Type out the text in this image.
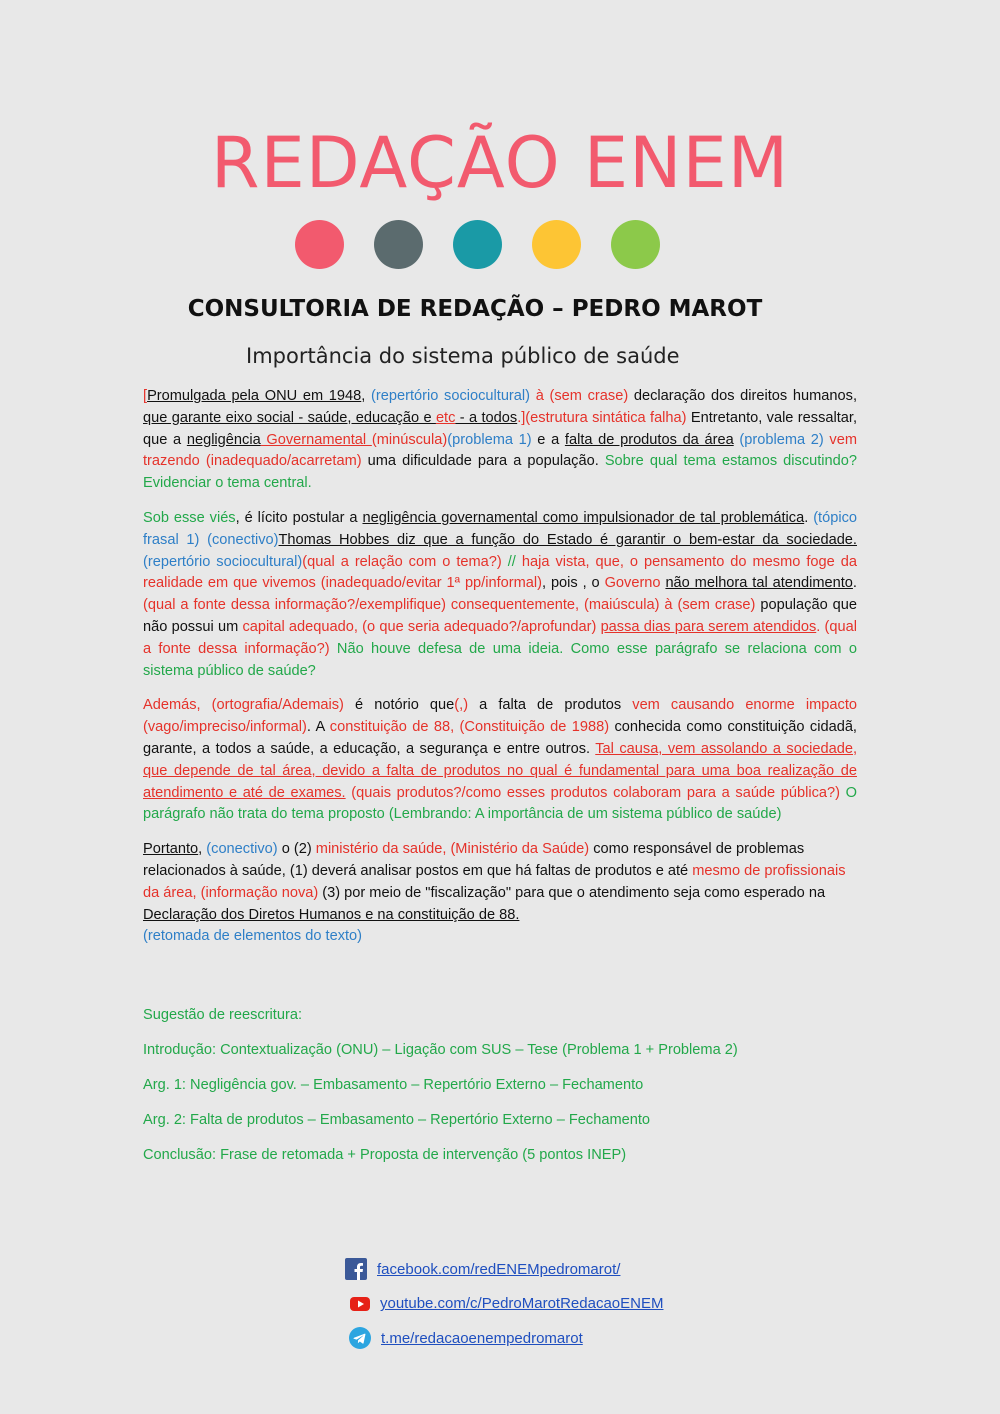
REDAÇÃO ENEM
CONSULTORIA DE REDAÇÃO – PEDRO MAROT
Importância do sistema público de saúde

[Promulgada pela ONU em 1948, (repertório sociocultural) à (sem crase) declaração dos direitos humanos, que garante eixo social - saúde, educação e etc - a todos.](estrutura sintática falha) Entretanto, vale ressaltar, que a negligência Governamental (minúscula)(problema 1) e a falta de produtos da área (problema 2) vem trazendo (inadequado/acarretam) uma dificuldade para a população. Sobre qual tema estamos discutindo? Evidenciar o tema central.

Sob esse viés, é lícito postular a negligência governamental como impulsionador de tal problemática. (tópico frasal 1) (conectivo)Thomas Hobbes diz que a função do Estado é garantir o bem-estar da sociedade. (repertório sociocultural)(qual a relação com o tema?) // haja vista, que, o pensamento do mesmo foge da realidade em que vivemos (inadequado/evitar 1ª pp/informal), pois , o Governo não melhora tal atendimento. (qual a fonte dessa informação?/exemplifique) consequentemente, (maiúscula) à (sem crase) população que não possui um capital adequado, (o que seria adequado?/aprofundar) passa dias para serem atendidos. (qual a fonte dessa informação?) Não houve defesa de uma ideia. Como esse parágrafo se relaciona com o sistema público de saúde?

Además, (ortografia/Ademais) é notório que(,) a falta de produtos vem causando enorme impacto (vago/impreciso/informal). A constituição de 88, (Constituição de 1988) conhecida como constituição cidadã, garante, a todos a saúde, a educação, a segurança e entre outros. Tal causa, vem assolando a sociedade, que depende de tal área, devido a falta de produtos no qual é fundamental para uma boa realização de atendimento e até de exames. (quais produtos?/como esses produtos colaboram para a saúde pública?) O parágrafo não trata do tema proposto (Lembrando: A importância de um sistema público de saúde)

Portanto, (conectivo) o (2) ministério da saúde, (Ministério da Saúde) como responsável de problemas relacionados à saúde, (1) deverá analisar postos em que há faltas de produtos e até mesmo de profissionais da área, (informação nova) (3) por meio de "fiscalização" para que o atendimento seja como esperado na Declaração dos Diretos Humanos e na constituição de 88.
(retomada de elementos do texto)

Sugestão de reescritura:
Introdução: Contextualização (ONU) – Ligação com SUS – Tese (Problema 1 + Problema 2)
Arg. 1: Negligência gov. – Embasamento – Repertório Externo – Fechamento
Arg. 2: Falta de produtos – Embasamento – Repertório Externo – Fechamento
Conclusão: Frase de retomada + Proposta de intervenção (5 pontos INEP)
facebook.com/redENEMpedromarot/
youtube.com/c/PedroMarotRedacaoENEM
t.me/redacaoenempedromarot
